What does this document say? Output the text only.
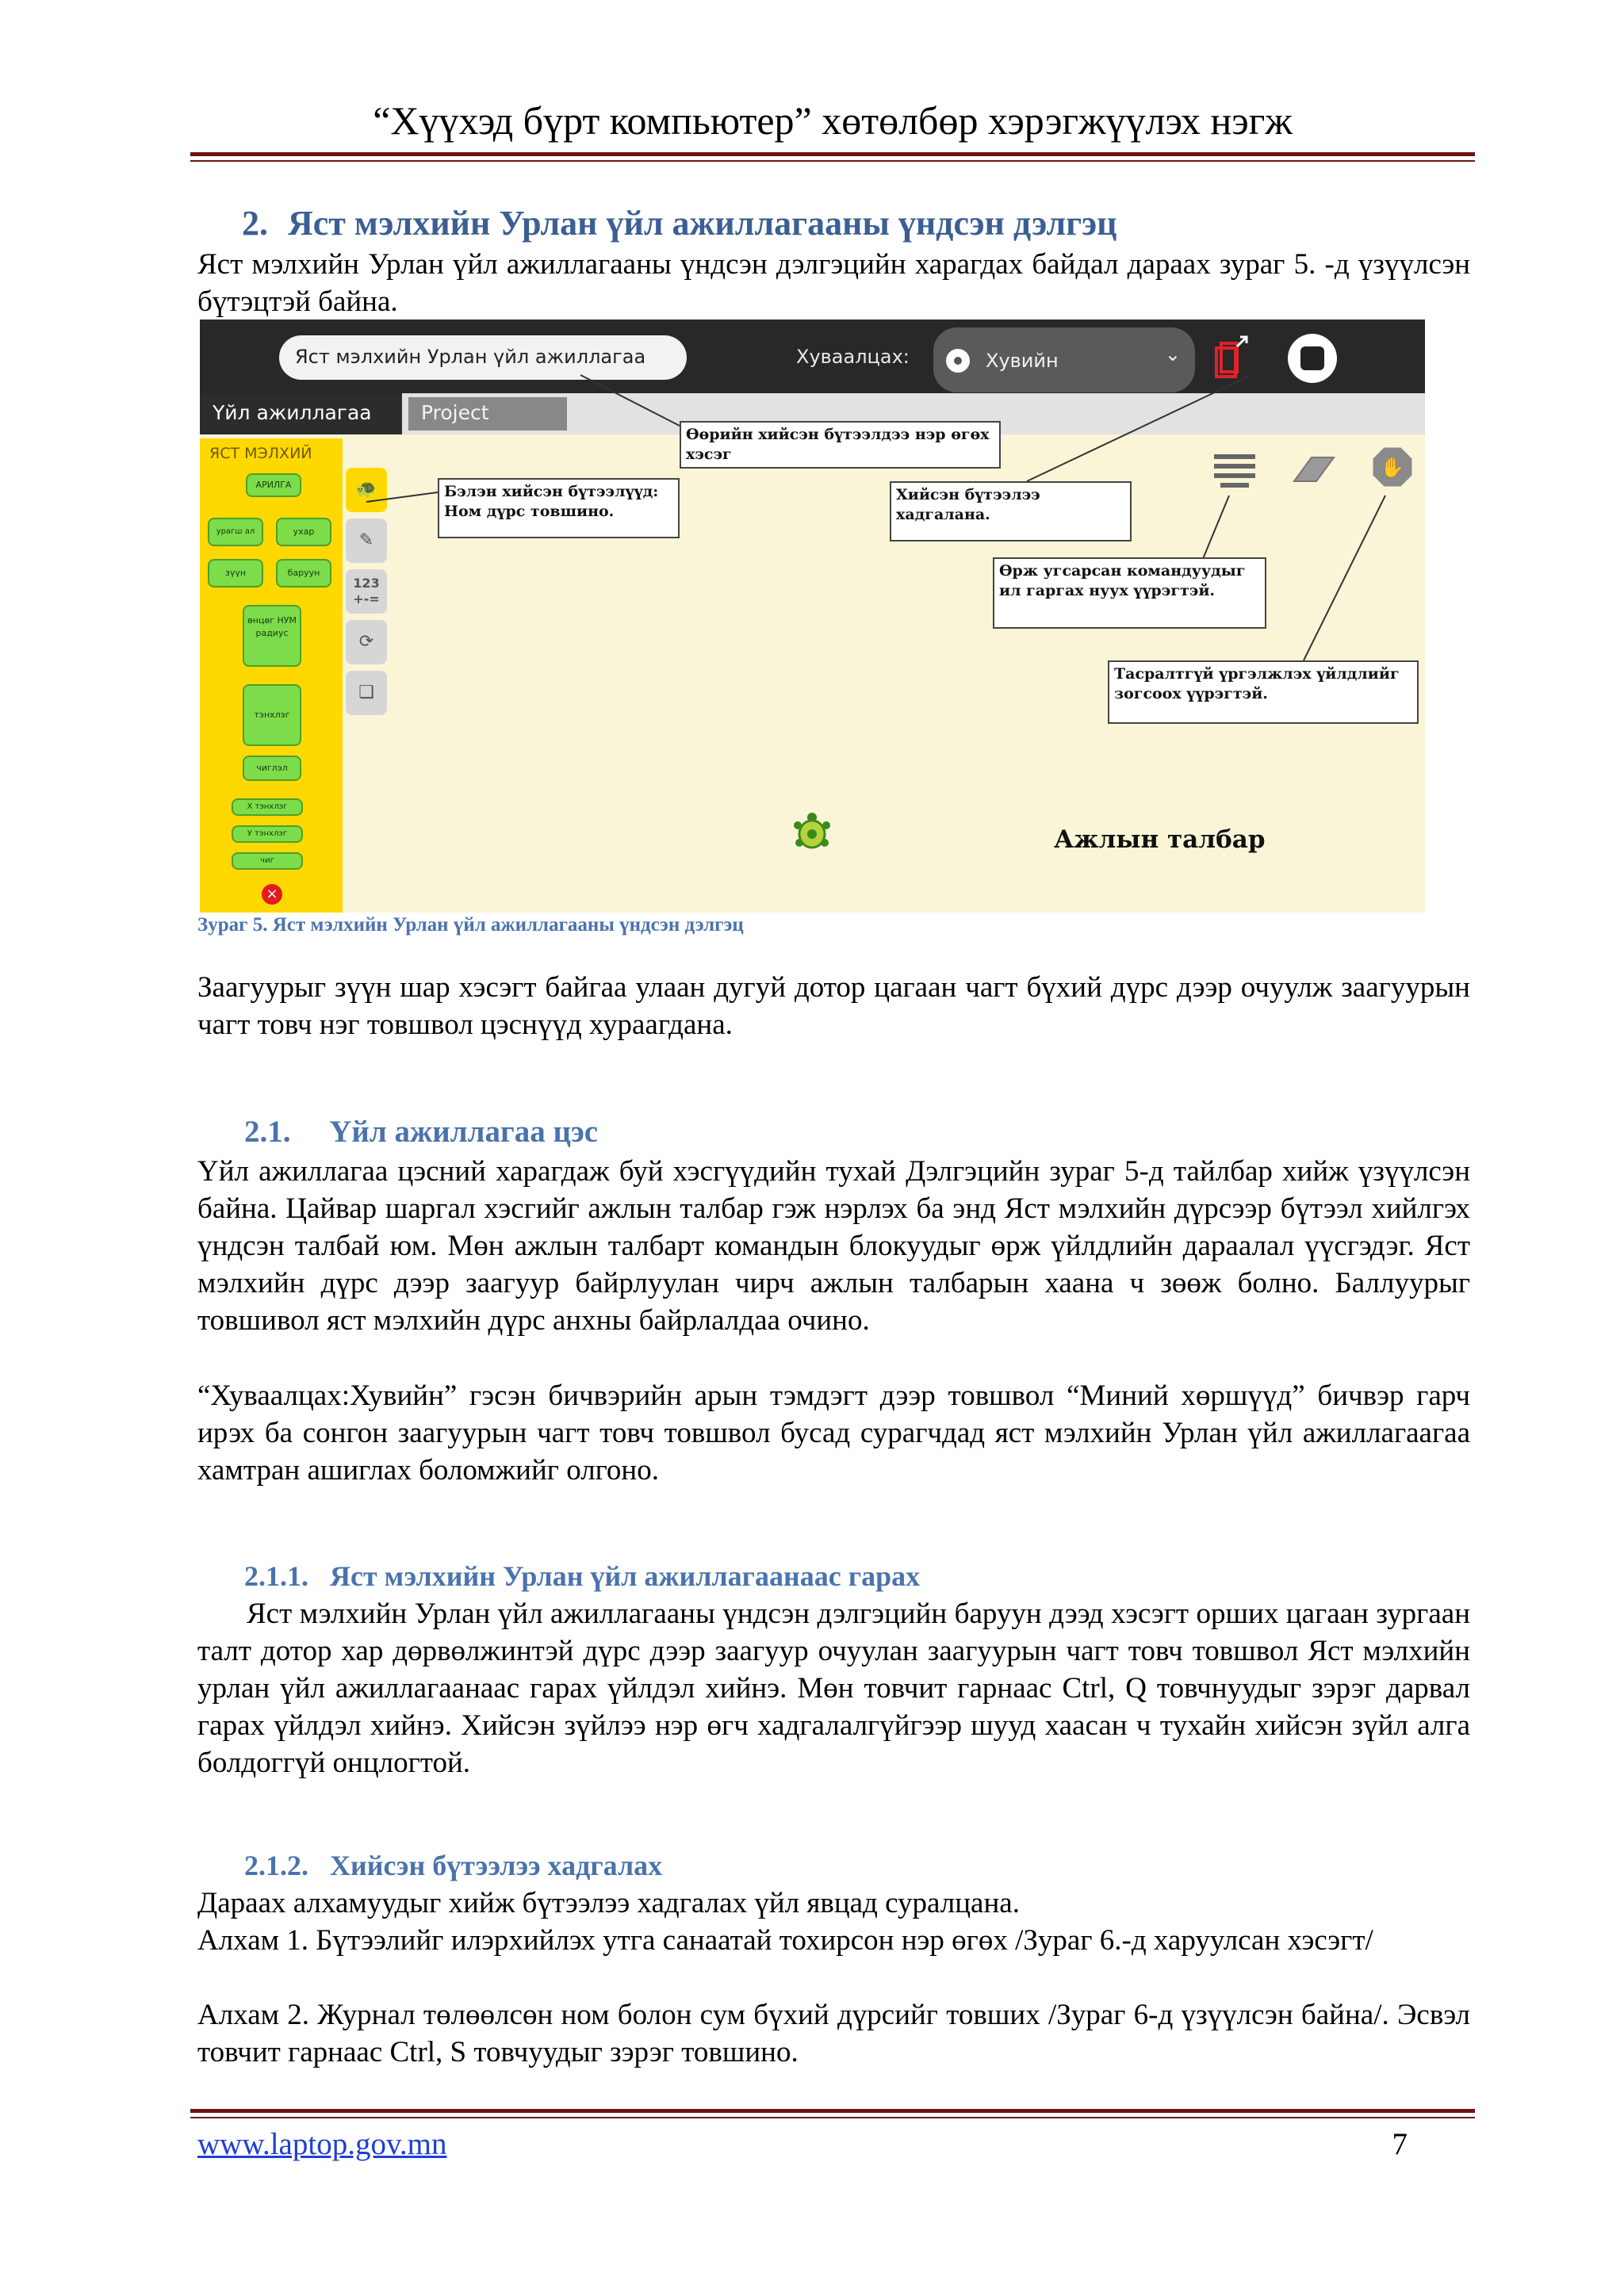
“Хүүхэд бүрт компьютер” хөтөлбөр хэрэгжүүлэх нэгж
2. Яст мэлхийн Урлан үйл ажиллагааны үндсэн дэлгэц

Яст мэлхийн Урлан үйл ажиллагааны үндсэн дэлгэцийн харагдах байдал дараах зураг 5. -д үзүүлсэн бүтэцтэй байна.

Яст мэлхийн Урлан үйл ажиллагаа	Хуваалцах:	Хувийн	⌄
Үйл ажиллагаа	Project
ЯСТ МЭЛХИЙ
АРИЛГА
урагш ал	ухар
зүүн	баруун
өнцөг НУМ радиус
тэнхлэг
чиглэл
Х тэнхлэг
У тэнхлэг
чиг
×
🐢
✎
123 +-=
⟳
❏
✋
Өөрийн хийсэн бүтээлдээ нэр өгөх хэсэг
Бэлэн хийсэн бүтээлүүд: Ном дүрс товшино.
Хийсэн бүтээлээ хадгалана.
Өрж угсарсан командуудыг ил гаргах нуух үүрэгтэй.
Тасралтгүй үргэлжлэх үйлдлийг зогсоох үүрэгтэй.
Ажлын талбар
Зураг 5. Яст мэлхийн Урлан үйл ажиллагааны үндсэн дэлгэц

Заагуурыг зүүн шар хэсэгт байгаа улаан дугуй дотор цагаан чагт бүхий дүрс дээр очуулж заагуурын чагт товч нэг товшвол цэснүүд хураагдана.

2.1.     Үйл ажиллагаа цэс

Үйл ажиллагаа цэсний харагдаж буй хэсгүүдийн тухай Дэлгэцийн зураг 5-д тайлбар хийж үзүүлсэн байна. Цайвар шаргал хэсгийг ажлын талбар гэж нэрлэх ба энд Яст мэлхийн дүрсээр бүтээл хийлгэх үндсэн талбай юм. Мөн ажлын талбарт командын блокуудыг өрж үйлдлийн дараалал үүсгэдэг. Яст мэлхийн дүрс дээр заагуур байрлуулан чирч ажлын талбарын хаана ч зөөж болно. Баллуурыг товшивол яст мэлхийн дүрс анхны байрлалдаа очино.

“Хуваалцах:Хувийн” гэсэн бичвэрийн арын тэмдэгт дээр товшвол “Миний хөршүүд” бичвэр гарч ирэх ба сонгон заагуурын чагт товч товшвол бусад сурагчдад яст мэлхийн Урлан үйл ажиллагаагаа хамтран ашиглах боломжийг олгоно.

2.1.1.   Яст мэлхийн Урлан үйл ажиллагаанаас гарах

Яст мэлхийн Урлан үйл ажиллагааны үндсэн дэлгэцийн баруун дээд хэсэгт орших цагаан зургаан талт дотор хар дөрвөлжинтэй дүрс дээр заагуур очуулан заагуурын чагт товч товшвол Яст мэлхийн урлан үйл ажиллагаанаас гарах үйлдэл хийнэ. Мөн товчит гарнаас Ctrl, Q товчнуудыг зэрэг дарвал гарах үйлдэл хийнэ. Хийсэн зүйлээ нэр өгч хадгалалгүйгээр шууд хаасан ч тухайн хийсэн зүйл алга болдоггүй онцлогтой.

2.1.2.   Хийсэн бүтээлээ хадгалах

Дараах алхамуудыг хийж бүтээлээ хадгалах үйл явцад суралцана.

Алхам 1. Бүтээлийг илэрхийлэх утга санаатай тохирсон нэр өгөх /Зураг 6.-д харуулсан хэсэгт/

Алхам 2. Журнал төлөөлсөн ном болон сум бүхий дүрсийг товших /Зураг 6-д үзүүлсэн байна/. Эсвэл товчит гарнаас Ctrl, S товчуудыг зэрэг товшино.

www.laptop.gov.mn	7
